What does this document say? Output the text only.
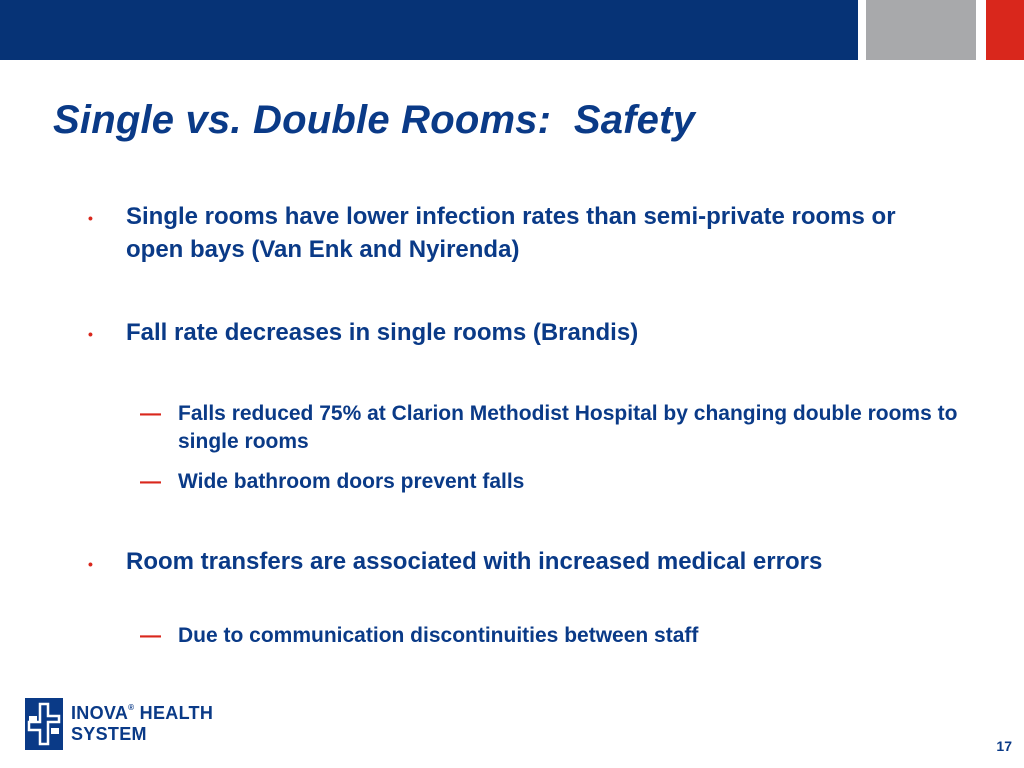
Single vs. Double Rooms:  Safety
• Single rooms have lower infection rates than semi-private rooms or open bays (Van Enk and Nyirenda)

• Fall rate decreases in single rooms (Brandis)

— Falls reduced 75% at Clarion Methodist Hospital by changing double rooms to single rooms

— Wide bathroom doors prevent falls

• Room transfers are associated with increased medical errors

— Due to communication discontinuities between staff

INOVA® HEALTH
SYSTEM
17
